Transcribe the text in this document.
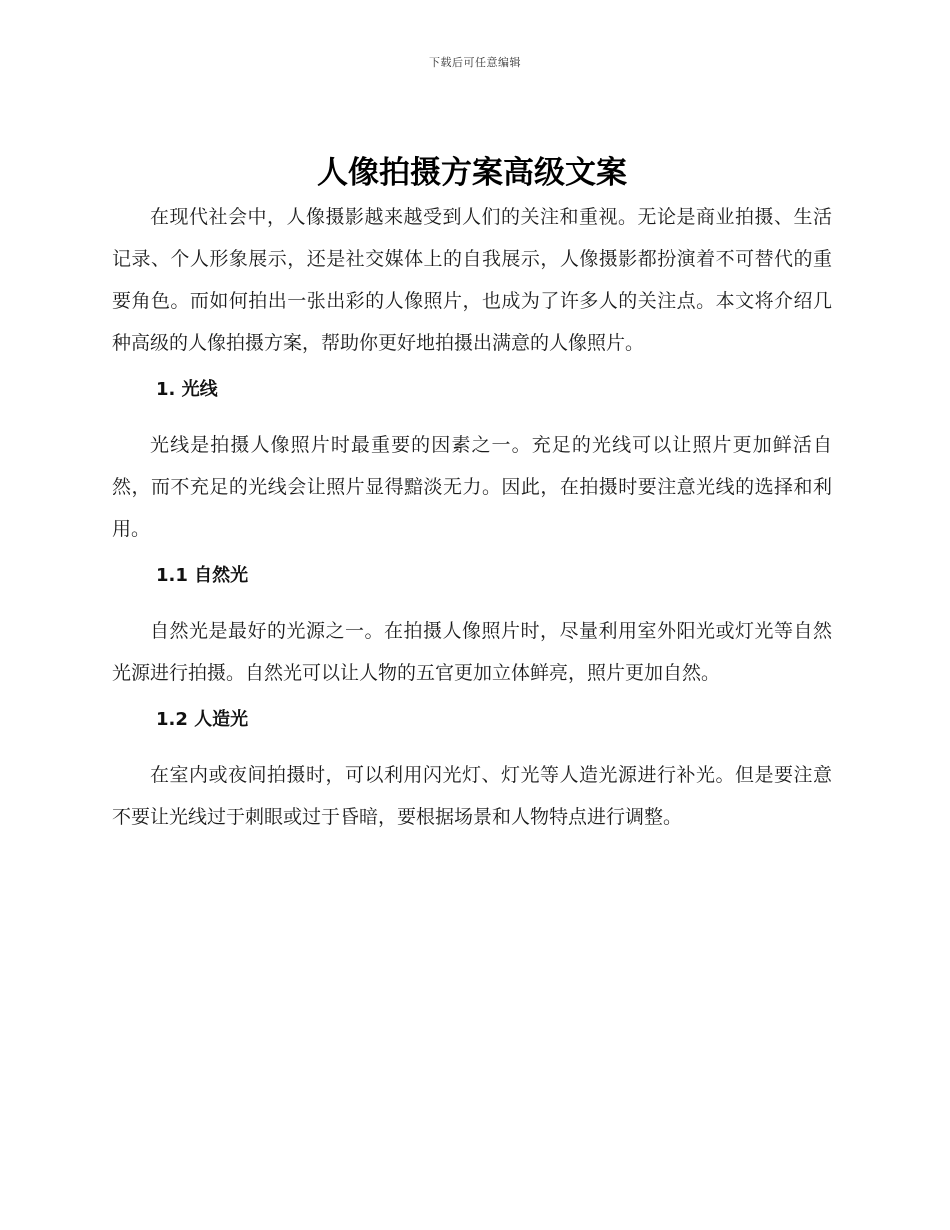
下载后可任意编辑
人像拍摄方案高级文案

在现代社会中，人像摄影越来越受到人们的关注和重视。无论是商业拍摄、生活记录、个人形象展示，还是社交媒体上的自我展示，人像摄影都扮演着不可替代的重要角色。而如何拍出一张出彩的人像照片，也成为了许多人的关注点。本文将介绍几种高级的人像拍摄方案，帮助你更好地拍摄出满意的人像照片。

1. 光线

光线是拍摄人像照片时最重要的因素之一。充足的光线可以让照片更加鲜活自然，而不充足的光线会让照片显得黯淡无力。因此，在拍摄时要注意光线的选择和利用。

1.1 自然光

自然光是最好的光源之一。在拍摄人像照片时，尽量利用室外阳光或灯光等自然光源进行拍摄。自然光可以让人物的五官更加立体鲜亮，照片更加自然。

1.2 人造光

在室内或夜间拍摄时，可以利用闪光灯、灯光等人造光源进行补光。但是要注意不要让光线过于刺眼或过于昏暗，要根据场景和人物特点进行调整。
